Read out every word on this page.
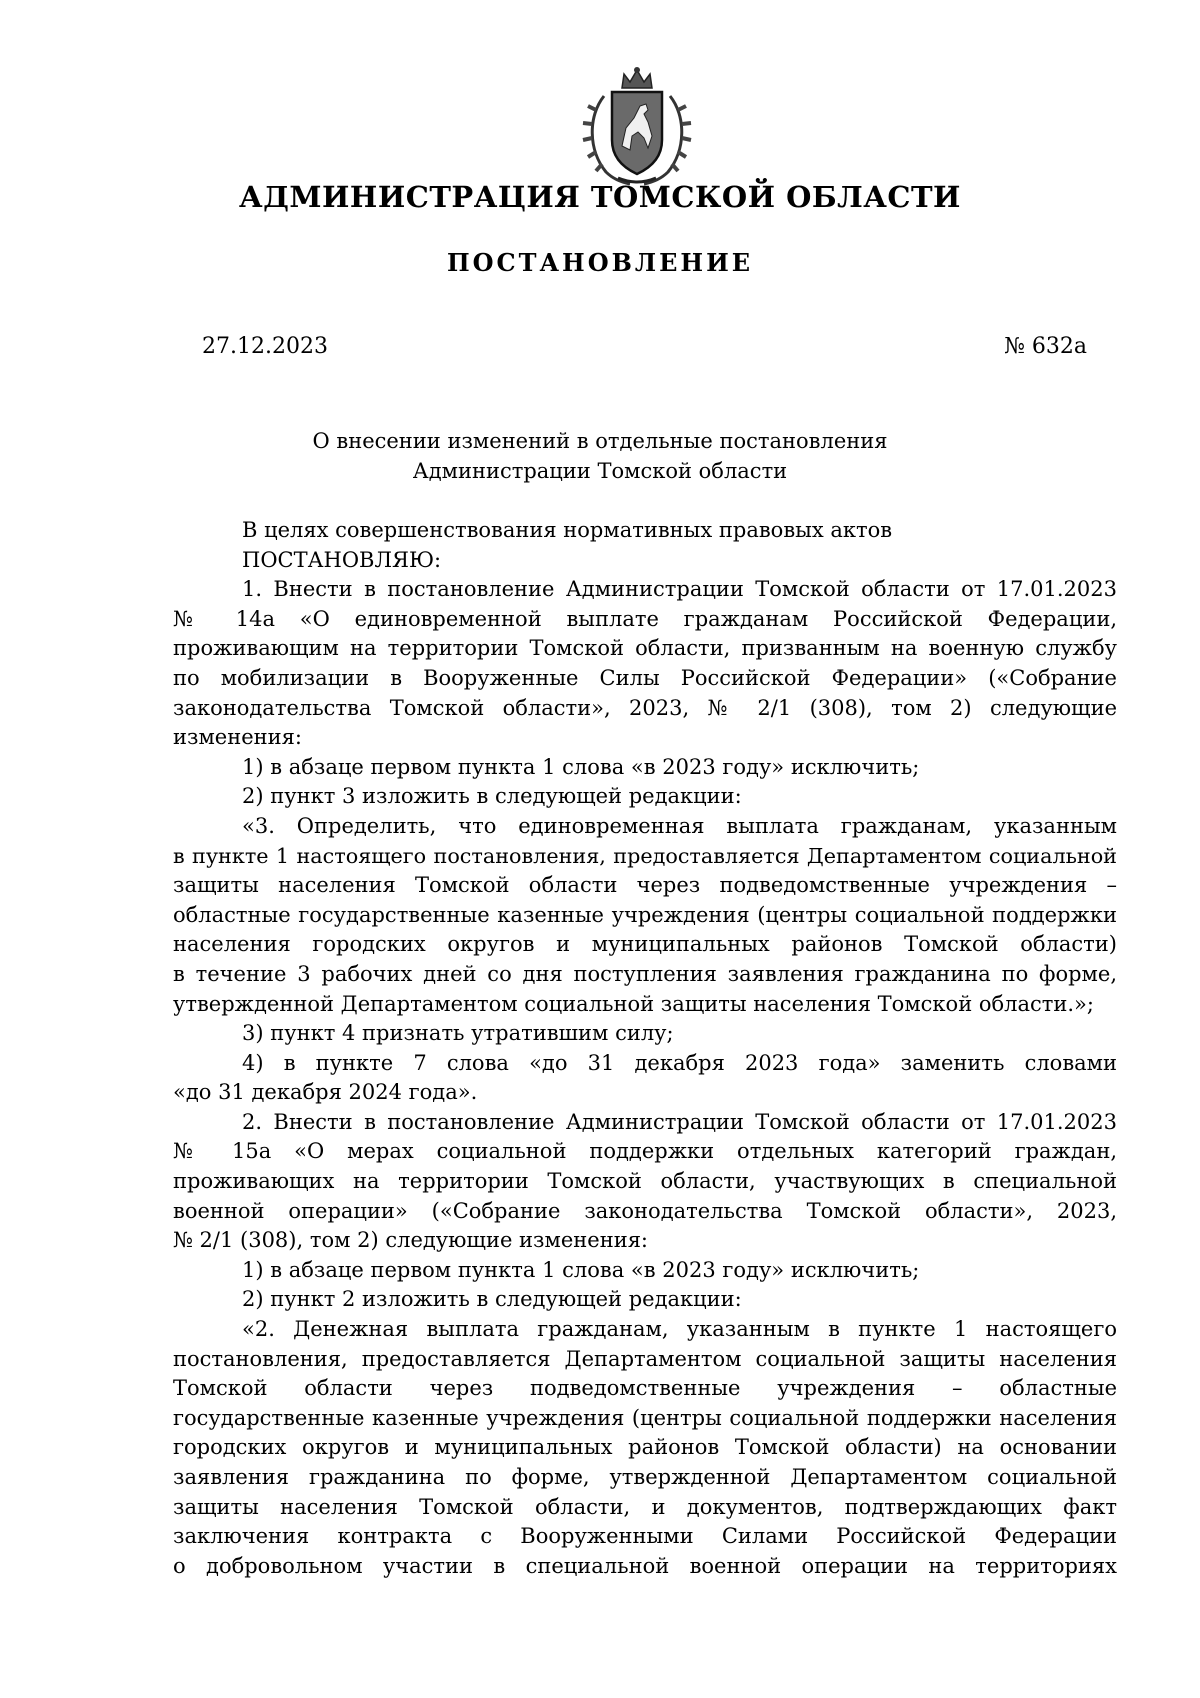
АДМИНИСТРАЦИЯ ТОМСКОЙ ОБЛАСТИ
ПОСТАНОВЛЕНИЕ
27.12.2023	№ 632а
О внесении изменений в отдельные постановления
Администрации Томской области

В целях совершенствования нормативных правовых актов

ПОСТАНОВЛЯЮ:

1. Внести в постановление Администрации Томской области от 17.01.2023

№ 14а «О единовременной выплате гражданам Российской Федерации,

проживающим на территории Томской области, призванным на военную службу

по мобилизации в Вооруженные Силы Российской Федерации» («Собрание

законодательства Томской области», 2023, № 2/1 (308), том 2) следующие

изменения:

1) в абзаце первом пункта 1 слова «в 2023 году» исключить;

2) пункт 3 изложить в следующей редакции:

«3. Определить, что единовременная выплата гражданам, указанным

в пункте 1 настоящего постановления, предоставляется Департаментом социальной

защиты населения Томской области через подведомственные учреждения –

областные государственные казенные учреждения (центры социальной поддержки

населения городских округов и муниципальных районов Томской области)

в течение 3 рабочих дней со дня поступления заявления гражданина по форме,

утвержденной Департаментом социальной защиты населения Томской области.»;

3) пункт 4 признать утратившим силу;

4) в пункте 7 слова «до 31 декабря 2023 года» заменить словами

«до 31 декабря 2024 года».

2. Внести в постановление Администрации Томской области от 17.01.2023

№ 15а «О мерах социальной поддержки отдельных категорий граждан,

проживающих на территории Томской области, участвующих в специальной

военной операции» («Собрание законодательства Томской области», 2023,

№ 2/1 (308), том 2) следующие изменения:

1) в абзаце первом пункта 1 слова «в 2023 году» исключить;

2) пункт 2 изложить в следующей редакции:

«2. Денежная выплата гражданам, указанным в пункте 1 настоящего

постановления, предоставляется Департаментом социальной защиты населения

Томской области через подведомственные учреждения – областные

государственные казенные учреждения (центры социальной поддержки населения

городских округов и муниципальных районов Томской области) на основании

заявления гражданина по форме, утвержденной Департаментом социальной

защиты населения Томской области, и документов, подтверждающих факт

заключения контракта с Вооруженными Силами Российской Федерации

о добровольном участии в специальной военной операции на территориях
